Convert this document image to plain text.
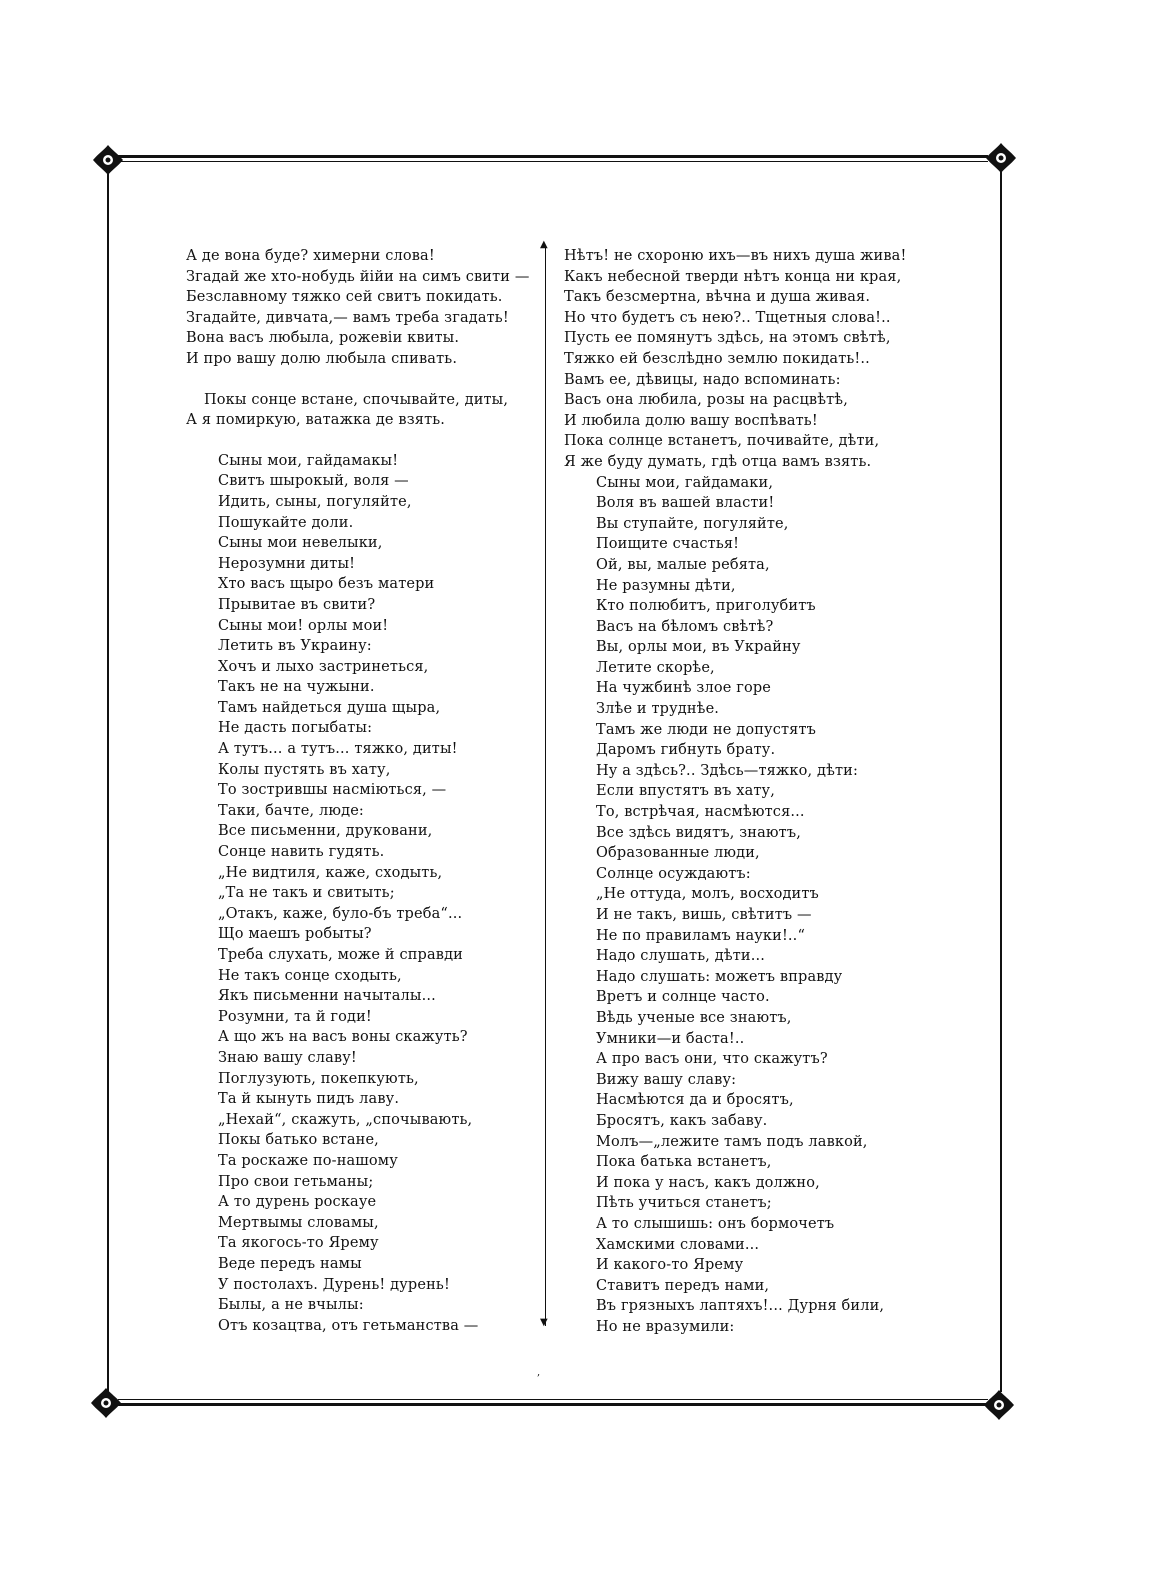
▲
▼
А де вона буде? химерни слова!
Згадай же хто-нобудь йійи на симъ свити —
Безславному тяжко сей свитъ покидать.
Згадайте, дивчата,— вамъ треба згадать!
Вона васъ любыла, рожевіи квиты.
И про вашу долю любыла спивать.
Покы сонце встане, спочывайте, диты,
А я помиркую, ватажка де взять.
Сыны мои, гайдамакы!
Свитъ шырокый, воля —
Идить, сыны, погуляйте,
Пошукайте доли.
Сыны мои невелыки,
Нерозумни диты!
Хто васъ щыро безъ матери
Прывитае въ свити?
Сыны мои! орлы мои!
Летить въ Украину:
Хочъ и лыхо застринеться,
Такъ не на чужыни.
Тамъ найдеться душа щыра,
Не дасть погыбаты:
А тутъ... а тутъ... тяжко, диты!
Колы пустять въ хату,
То зострившы насміються, —
Таки, бачте, люде:
Все письменни, друковани,
Сонце навить гудять.
„Не видтиля, каже, сходыть,
„Та не такъ и свитыть;
„Отакъ, каже, було-бъ треба“...
Що маешъ робыты?
Треба слухать, може й справди
Не такъ сонце сходыть,
Якъ письменни начыталы...
Розумни, та й годи!
А що жъ на васъ воны скажуть?
Знаю вашу славу!
Поглузують, покепкують,
Та й кынуть пидъ лаву.
„Нехай“, скажуть, „спочывають,
Покы батько встане,
Та роскаже по-нашому
Про свои гетьманы;
А то дурень роскауе
Мертвымы словамы,
Та якогось-то Ярему
Веде передъ намы
У постолахъ. Дурень! дурень!
Былы, а не вчылы:
Отъ козацтва, отъ гетьманства —
Нѣтъ! не схороню ихъ—въ нихъ душа жива!
Какъ небесной тверди нѣтъ конца ни края,
Такъ безсмертна, вѣчна и душа живая.
Но что будетъ съ нею?.. Тщетныя слова!..
Пусть ее помянутъ здѣсь, на этомъ свѣтѣ,
Тяжко ей безслѣдно землю покидать!..
Вамъ ее, дѣвицы, надо вспоминать:
Васъ она любила, розы на расцвѣтѣ,
И любила долю вашу воспѣвать!
Пока солнце встанетъ, почивайте, дѣти,
Я же буду думать, гдѣ отца вамъ взять.
Сыны мои, гайдамаки,
Воля въ вашей власти!
Вы ступайте, погуляйте,
Поищите счастья!
Ой, вы, малые ребята,
Не разумны дѣти,
Кто полюбитъ, приголубитъ
Васъ на бѣломъ свѣтѣ?
Вы, орлы мои, въ Украйну
Летите скорѣе,
На чужбинѣ злое горе
Злѣе и труднѣе.
Тамъ же люди не допустятъ
Даромъ гибнуть брату.
Ну а здѣсь?.. Здѣсь—тяжко, дѣти:
Если впустятъ въ хату,
То, встрѣчая, насмѣются...
Все здѣсь видятъ, знаютъ,
Образованные люди,
Солнце осуждаютъ:
„Не оттуда, молъ, восходитъ
И не такъ, вишь, свѣтитъ —
Не по правиламъ науки!..“
Надо слушать, дѣти...
Надо слушать: можетъ вправду
Вретъ и солнце часто.
Вѣдь ученые все знаютъ,
Умники—и баста!..
А про васъ они, что скажутъ?
Вижу вашу славу:
Насмѣются да и бросятъ,
Бросятъ, какъ забаву.
Молъ—„лежите тамъ подъ лавкой,
Пока батька встанетъ,
И пока у насъ, какъ должно,
Пѣть учиться станетъ;
А то слышишь: онъ бормочетъ
Хамскими словами...
И какого-то Ярему
Ставитъ передъ нами,
Въ грязныхъ лаптяхъ!... Дурня били,
Но не вразумили:
,
